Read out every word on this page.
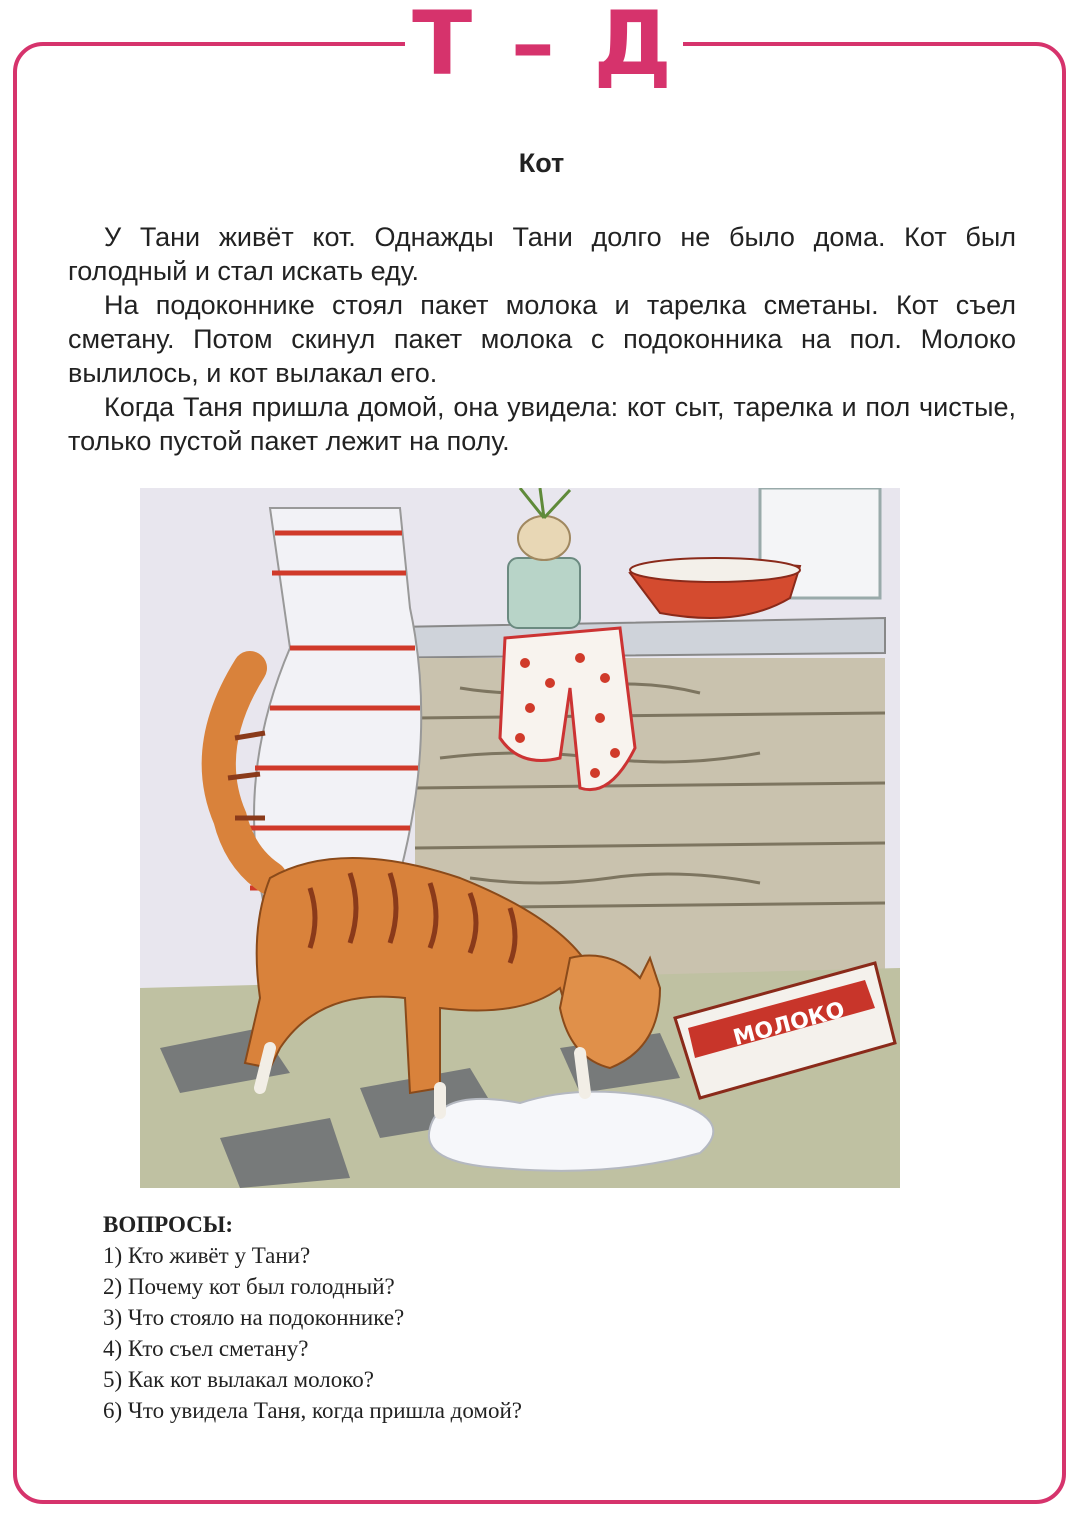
Т – Д
Кот

У Тани живёт кот. Однажды Тани долго не было дома. Кот был голодный и стал искать еду.

На подоконнике стоял пакет молока и тарелка сметаны. Кот съел сметану. Потом скинул пакет молока с подоконника на пол. Молоко вылилось, и кот вылакал его.

Когда Таня пришла домой, она увидела: кот сыт, тарелка и пол чистые, только пустой пакет лежит на полу.

МОЛОКО
ВОПРОСЫ:
1) Кто живёт у Тани?
2) Почему кот был голодный?
3) Что стояло на подоконнике?
4) Кто съел сметану?
5) Как кот вылакал молоко?
6) Что увидела Таня, когда пришла домой?
